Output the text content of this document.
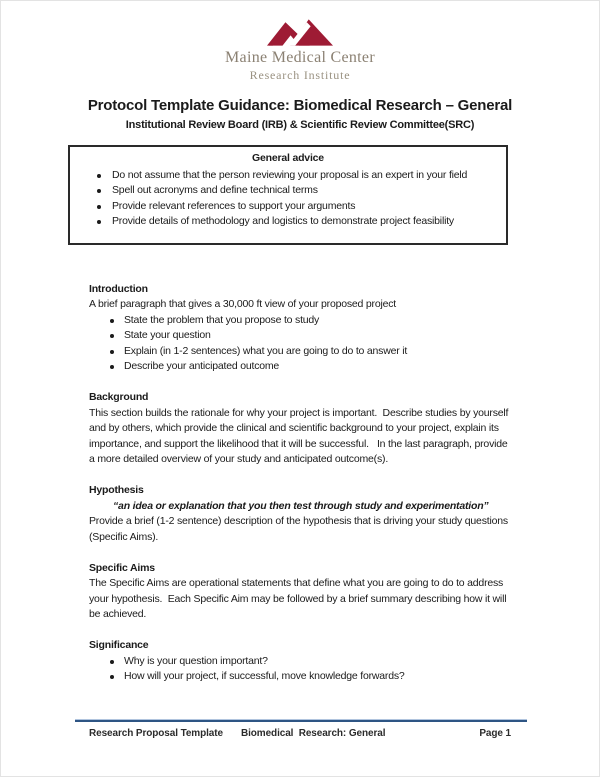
Maine Medical Center
Research Institute
Protocol Template Guidance: Biomedical Research – General
Institutional Review Board (IRB) & Scientific Review Committee(SRC)
General advice
Do not assume that the person reviewing your proposal is an expert in your field
Spell out acronyms and define technical terms
Provide relevant references to support your arguments
Provide details of methodology and logistics to demonstrate project feasibility
Introduction

A brief paragraph that gives a 30,000 ft view of your proposed project

State the problem that you propose to study
State your question
Explain (in 1-2 sentences) what you are going to do to answer it
Describe your anticipated outcome
Background

This section builds the rationale for why your project is important.  Describe studies by yourself and by others, which provide the clinical and scientific background to your project, explain its importance, and support the likelihood that it will be successful.   In the last paragraph, provide a more detailed overview of your study and anticipated outcome(s).

Hypothesis

“an idea or explanation that you then test through study and experimentation”

Provide a brief (1-2 sentence) description of the hypothesis that is driving your study questions (Specific Aims).

Specific Aims

The Specific Aims are operational statements that define what you are going to do to address your hypothesis.  Each Specific Aim may be followed by a brief summary describing how it will be achieved.

Significance
Why is your question important?
How will your project, if successful, move knowledge forwards?
Research Proposal Template Biomedical  Research: General	Page 1
